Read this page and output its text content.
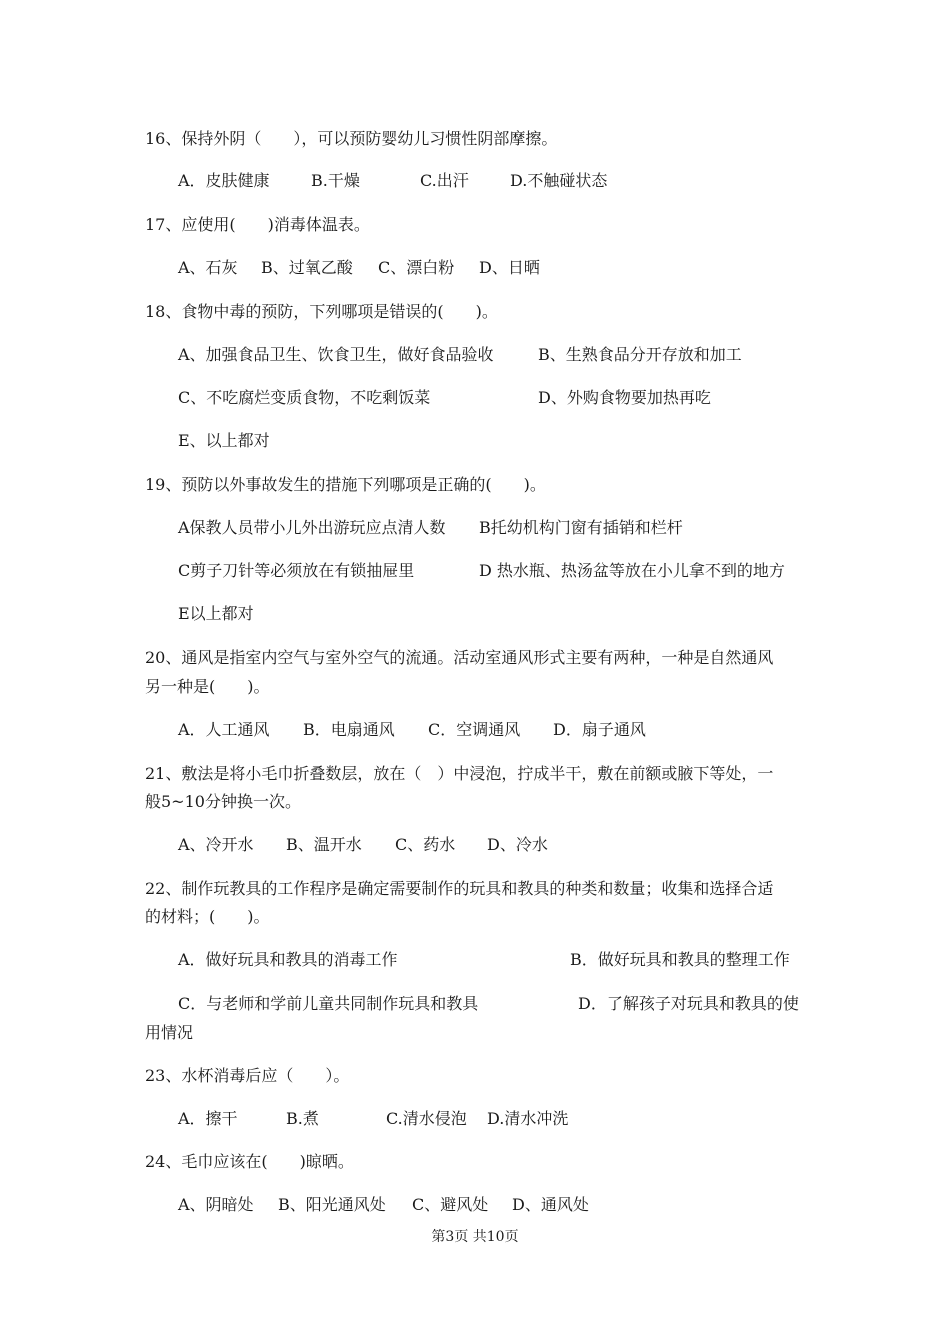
16、保持外阴（　　），可以预防婴幼儿习惯性阴部摩擦。
A．皮肤健康	B.干燥	C.出汗	D.不触碰状态
17、应使用(　　)消毒体温表。
A、石灰 B、过氧乙酸 C、漂白粉 D、日晒
18、食物中毒的预防，下列哪项是错误的(　　)。
A、加强食品卫生、饮食卫生，做好食品验收	B、生熟食品分开存放和加工
C、不吃腐烂变质食物，不吃剩饭菜	D、外购食物要加热再吃
E、以上都对
19、预防以外事故发生的措施下列哪项是正确的(　　)。
A保教人员带小儿外出游玩应点清人数 B托幼机构门窗有插销和栏杆
C剪子刀针等必须放在有锁抽屉里	D 热水瓶、热汤盆等放在小儿拿不到的地方
E以上都对
20、通风是指室内空气与室外空气的流通。活动室通风形式主要有两种，一种是自然通风
另一种是(　　)。
A．人工通风 B．电扇通风 C．空调通风 D．扇子通风
21、敷法是将小毛巾折叠数层，放在（　）中浸泡，拧成半干，敷在前额或腋下等处，一
般5~10分钟换一次。
A、冷开水 B、温开水 C、药水 D、冷水
22、制作玩教具的工作程序是确定需要制作的玩具和教具的种类和数量；收集和选择合适
的材料；(　　)。
A．做好玩具和教具的消毒工作	B．做好玩具和教具的整理工作
C．与老师和学前儿童共同制作玩具和教具	D．了解孩子对玩具和教具的使
用情况
23、水杯消毒后应（　　）。
A．擦干	B.煮	C.清水侵泡 D.清水冲洗
24、毛巾应该在(　　)晾晒。
A、阴暗处 B、阳光通风处 C、避风处 D、通风处
第3页 共10页
